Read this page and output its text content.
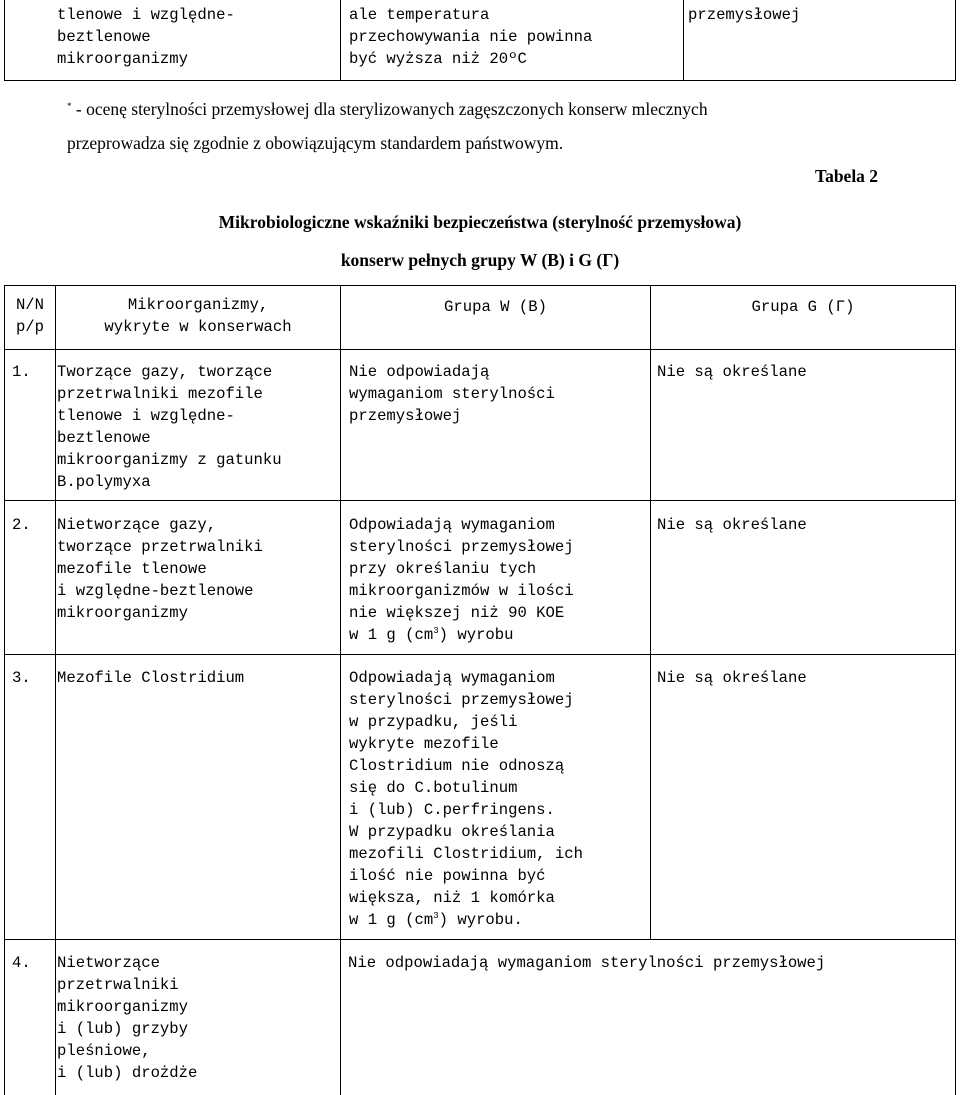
tlenowe i względne-
beztlenowe
mikroorganizmy
ale temperatura
przechowywania nie powinna
być wyższa niż 20ºC
przemysłowej
* - ocenę sterylności przemysłowej dla sterylizowanych zagęszczonych konserw mlecznych
przeprowadza się zgodnie z obowiązującym standardem państwowym.
Tabela 2
Mikrobiologiczne wskaźniki bezpieczeństwa (sterylność przemysłowa)
konserw pełnych grupy W (B) i G (Г)
N/N
p/p
Mikroorganizmy,
wykryte w konserwach
Grupa W (B)	Grupa G (Г)
1. Tworzące gazy, tworzące
przetrwalniki mezofile
tlenowe i względne-
beztlenowe
mikroorganizmy z gatunku
B.polymyxa
Nie odpowiadają
wymaganiom sterylności
przemysłowej
Nie są określane
2. Nietworzące gazy,
tworzące przetrwalniki
mezofile tlenowe
i względne-beztlenowe
mikroorganizmy
Odpowiadają wymaganiom
sterylności przemysłowej
przy określaniu tych
mikroorganizmów w ilości
nie większej niż 90 KOE
w 1 g $(cm^3)$ wyrobu
Nie są określane
3. Mezofile Clostridium	Odpowiadają wymaganiom
sterylności przemysłowej
w przypadku, jeśli
wykryte mezofile
Clostridium nie odnoszą
się do C.botulinum
i (lub) C.perfringens.
W przypadku określania
mezofili Clostridium, ich
ilość nie powinna być
większa, niż 1 komórka
w 1 g $(cm^3)$ wyrobu.
Nie są określane
4. Nietworzące
przetrwalniki
mikroorganizmy
i (lub) grzyby
pleśniowe,
i (lub) drożdże
Nie odpowiadają wymaganiom sterylności przemysłowej
